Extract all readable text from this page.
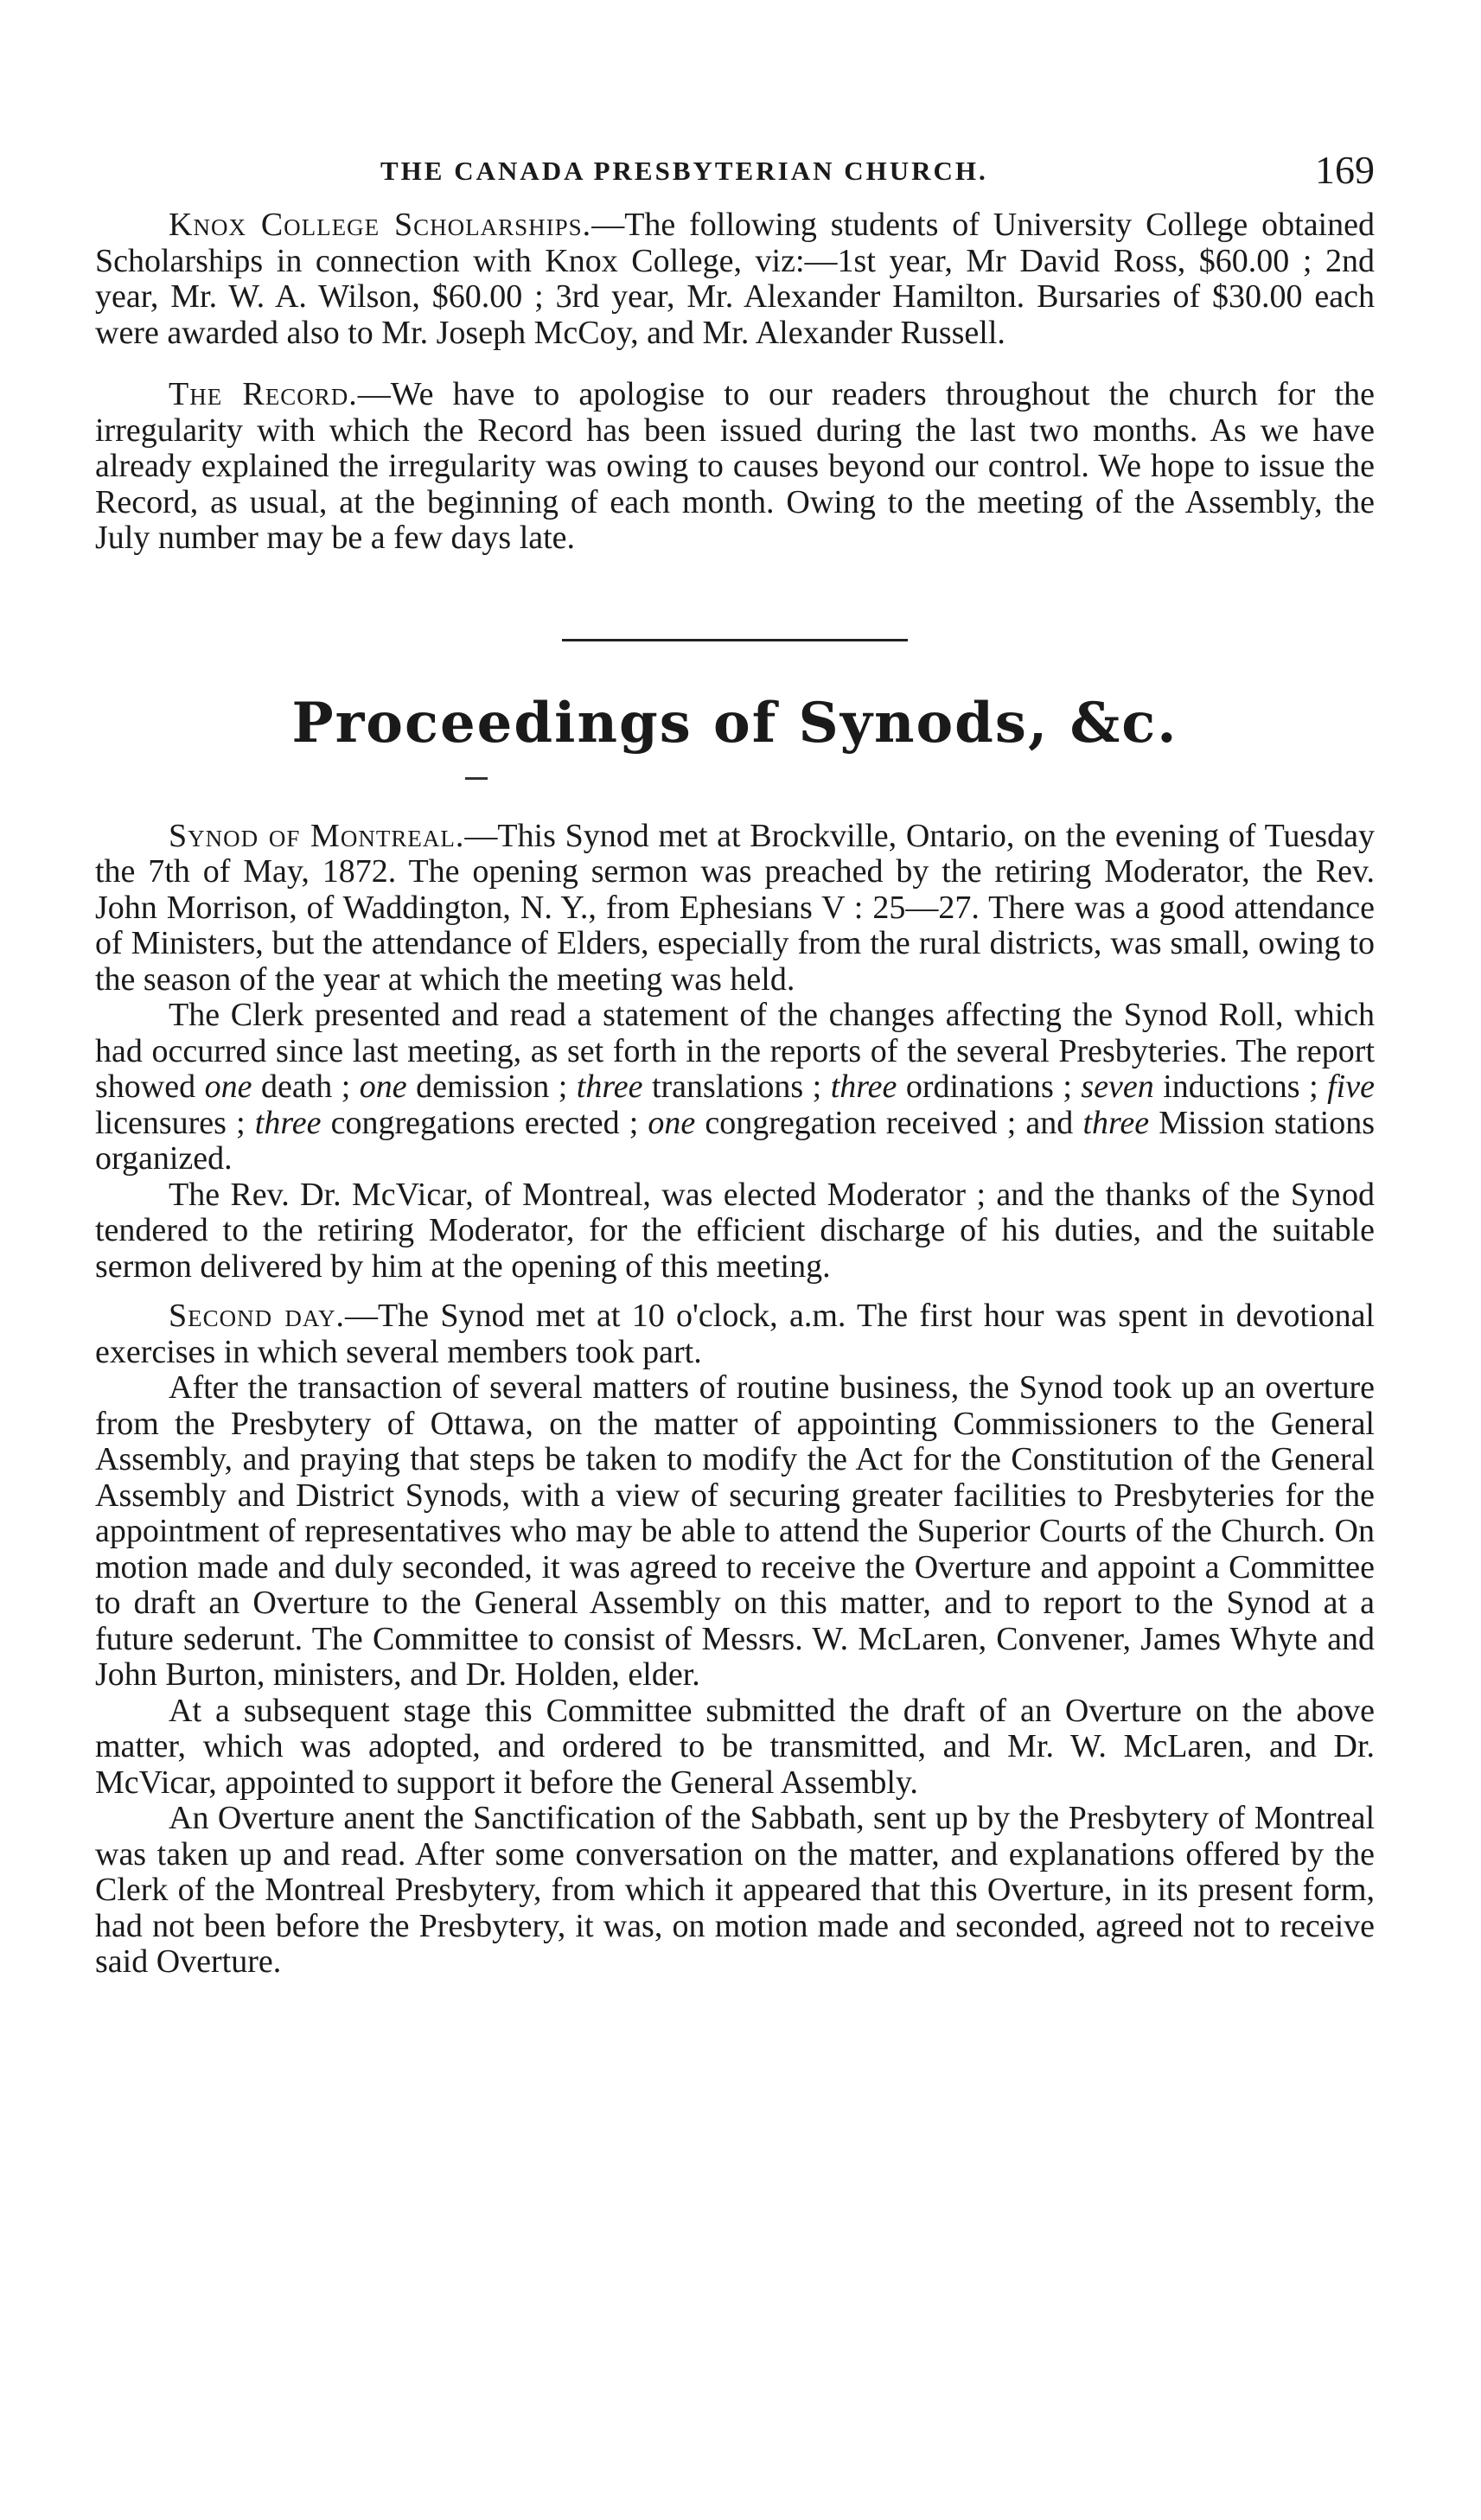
THE CANADA PRESBYTERIAN CHURCH.	169

Knox College Scholarships.—The following students of University College obtained Scholarships in connection with Knox College, viz:—1st year, Mr David Ross, $60.00 ; 2nd year, Mr. W. A. Wilson, $60.00 ; 3rd year, Mr. Alexander Hamilton. Bursaries of $30.00 each were awarded also to Mr. Joseph McCoy, and Mr. Alexander Russell.

The Record.—We have to apologise to our readers throughout the church for the irregularity with which the Record has been issued during the last two months. As we have already explained the irregularity was owing to causes beyond our control. We hope to issue the Record, as usual, at the beginning of each month. Owing to the meeting of the Assembly, the July number may be a few days late.

Proceedings of Synods, &c.

Synod of Montreal.—This Synod met at Brockville, Ontario, on the evening of Tuesday the 7th of May, 1872. The opening sermon was preached by the retiring Moderator, the Rev. John Morrison, of Waddington, N. Y., from Ephesians V : 25—27. There was a good attendance of Ministers, but the attendance of Elders, especially from the rural districts, was small, owing to the season of the year at which the meeting was held.

The Clerk presented and read a statement of the changes affecting the Synod Roll, which had occurred since last meeting, as set forth in the reports of the several Presbyteries. The report showed one death ; one demission ; three translations ; three ordinations ; seven inductions ; five licensures ; three congregations erected ; one congregation received ; and three Mission stations organized.

The Rev. Dr. McVicar, of Montreal, was elected Moderator ; and the thanks of the Synod tendered to the retiring Moderator, for the efficient discharge of his duties, and the suitable sermon delivered by him at the opening of this meeting.

Second day.—The Synod met at 10 o'clock, a.m. The first hour was spent in devotional exercises in which several members took part.

After the transaction of several matters of routine business, the Synod took up an overture from the Presbytery of Ottawa, on the matter of appointing Commissioners to the General Assembly, and praying that steps be taken to modify the Act for the Constitution of the General Assembly and District Synods, with a view of securing greater facilities to Presbyteries for the appointment of representatives who may be able to attend the Superior Courts of the Church. On motion made and duly seconded, it was agreed to receive the Overture and appoint a Committee to draft an Overture to the General Assembly on this matter, and to report to the Synod at a future sederunt. The Committee to consist of Messrs. W. McLaren, Convener, James Whyte and John Burton, ministers, and Dr. Holden, elder.

At a subsequent stage this Committee submitted the draft of an Overture on the above matter, which was adopted, and ordered to be transmitted, and Mr. W. McLaren, and Dr. McVicar, appointed to support it before the General Assembly.

An Overture anent the Sanctification of the Sabbath, sent up by the Presbytery of Montreal was taken up and read. After some conversation on the matter, and explanations offered by the Clerk of the Montreal Presbytery, from which it appeared that this Overture, in its present form, had not been before the Presbytery, it was, on motion made and seconded, agreed not to receive said Overture.
